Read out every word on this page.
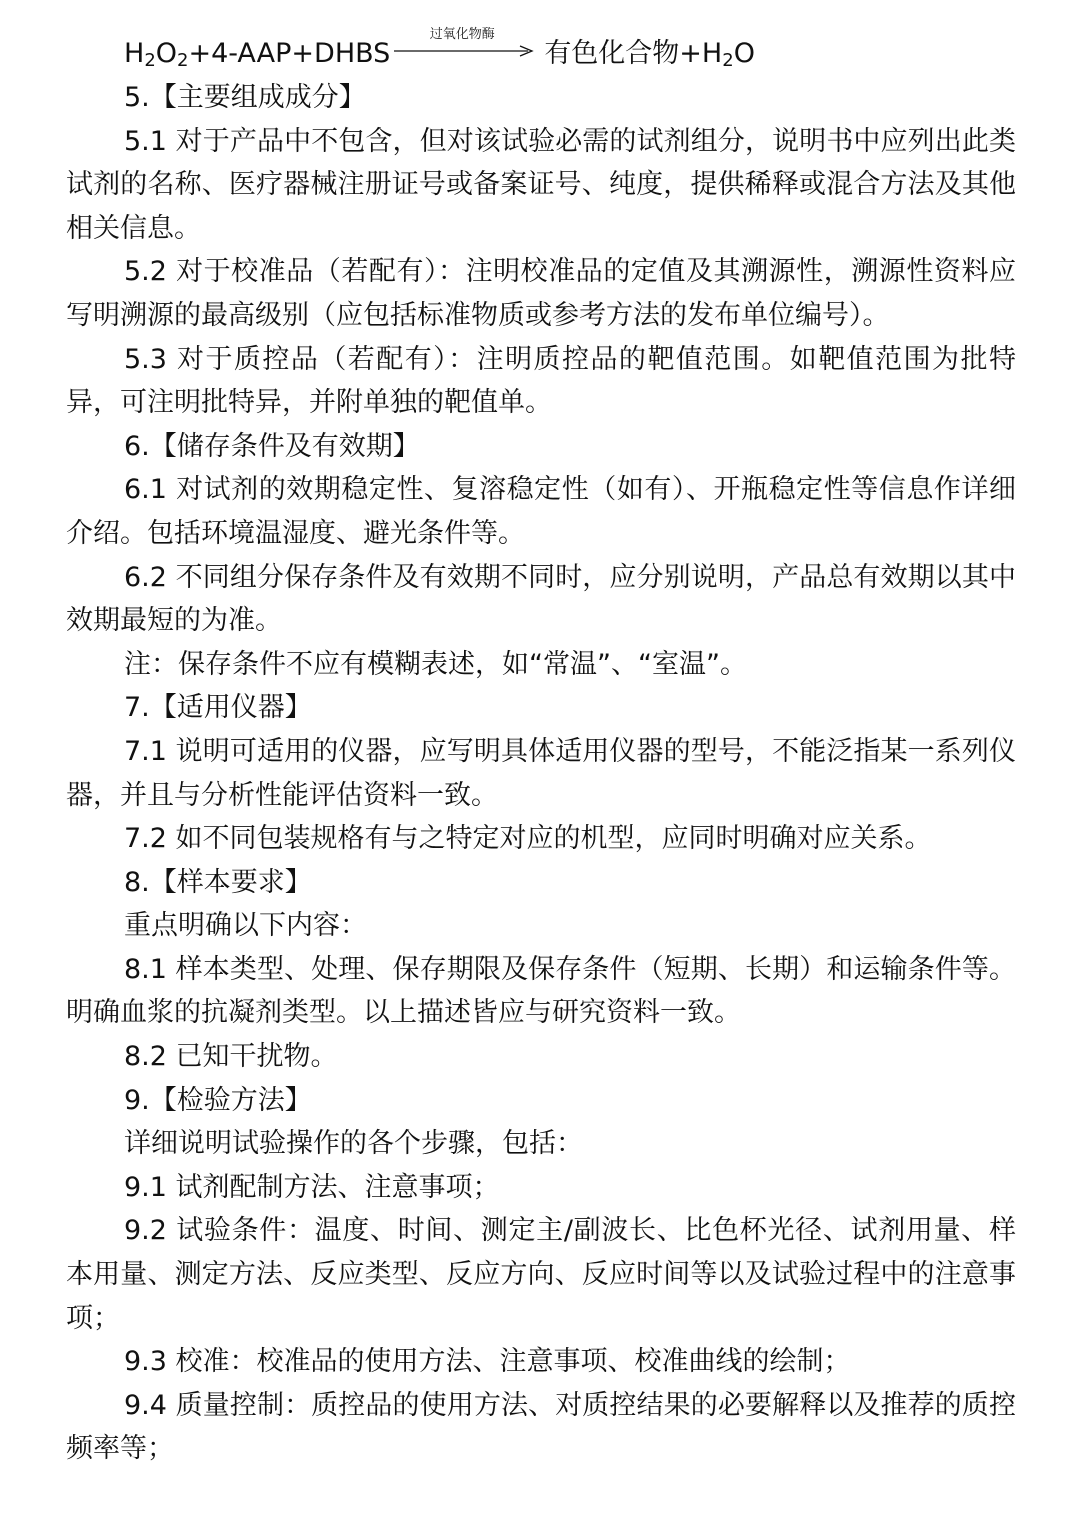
$H_2O_2+4-AAP+DHBS$
过氧化物酶
有色化合物$+H_2O$

5.【主要组成成分】

5.1 对于产品中不包含，但对该试验必需的试剂组分，说明书中应列出此类试剂的名称、医疗器械注册证号或备案证号、纯度，提供稀释或混合方法及其他相关信息。

5.2 对于校准品（若配有）：注明校准品的定值及其溯源性，溯源性资料应写明溯源的最高级别（应包括标准物质或参考方法的发布单位编号）。

5.3 对于质控品（若配有）：注明质控品的靶值范围。如靶值范围为批特异，可注明批特异，并附单独的靶值单。

6.【储存条件及有效期】

6.1 对试剂的效期稳定性、复溶稳定性（如有）、开瓶稳定性等信息作详细介绍。包括环境温湿度、避光条件等。

6.2 不同组分保存条件及有效期不同时，应分别说明，产品总有效期以其中效期最短的为准。

注：保存条件不应有模糊表述，如“常温”、“室温”。

7.【适用仪器】

7.1 说明可适用的仪器，应写明具体适用仪器的型号，不能泛指某一系列仪器，并且与分析性能评估资料一致。

7.2 如不同包装规格有与之特定对应的机型，应同时明确对应关系。

8.【样本要求】

重点明确以下内容：

8.1 样本类型、处理、保存期限及保存条件（短期、长期）和运输条件等。明确血浆的抗凝剂类型。以上描述皆应与研究资料一致。

8.2 已知干扰物。

9.【检验方法】

详细说明试验操作的各个步骤，包括：

9.1 试剂配制方法、注意事项；

9.2 试验条件：温度、时间、测定主/副波长、比色杯光径、试剂用量、样本用量、测定方法、反应类型、反应方向、反应时间等以及试验过程中的注意事项；

9.3 校准：校准品的使用方法、注意事项、校准曲线的绘制；

9.4 质量控制：质控品的使用方法、对质控结果的必要解释以及推荐的质控频率等；
